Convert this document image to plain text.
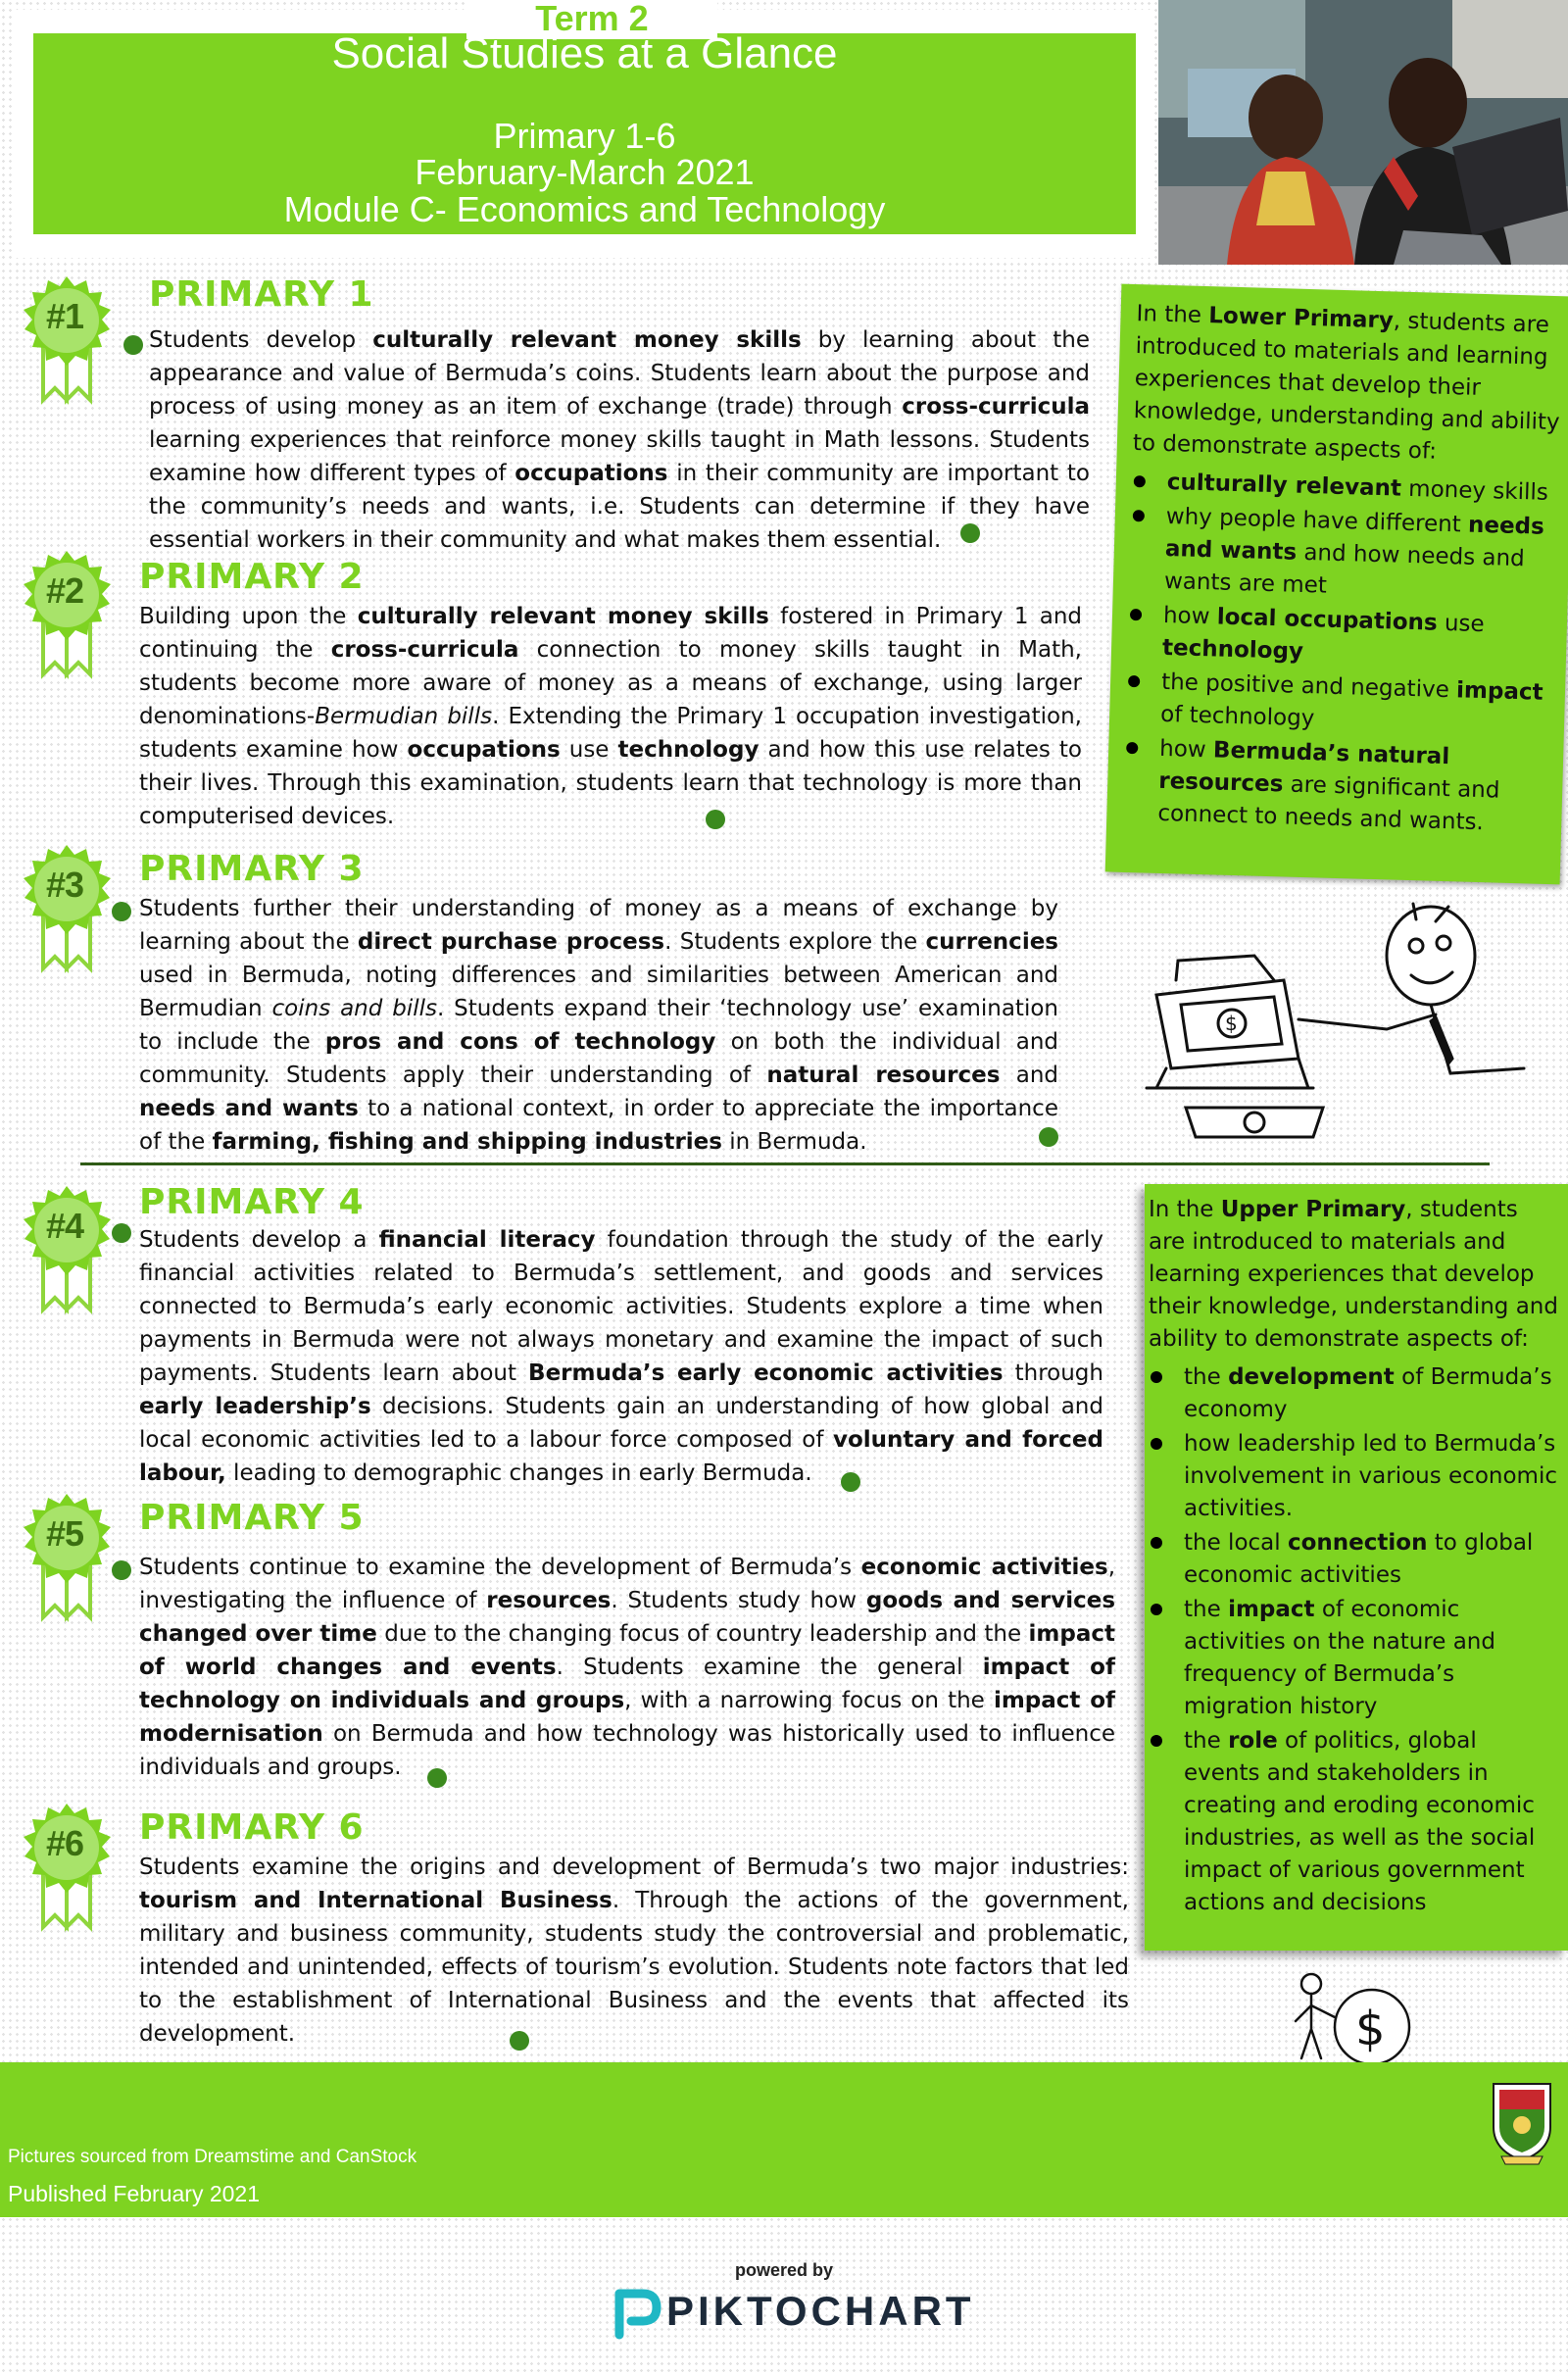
Term 2
Social Studies at a Glance
Primary 1-6
February-March 2021
Module C- Economics and Technology
#1
#2
#3
#4
#5
#6
PRIMARY 1
Students develop culturally relevant money skills by learning about the appearance and value of Bermuda’s coins. Students learn about the purpose and process of using money as an item of exchange (trade) through cross-curricula learning experiences that reinforce money skills taught in Math lessons. Students examine how different types of occupations in their community are important to the community’s needs and wants, i.e. Students can determine if they have essential workers in their community and what makes them essential.
PRIMARY 2
Building upon the culturally relevant money skills fostered in Primary 1 and continuing the cross-curricula connection to money skills taught in Math, students become more aware of money as a means of exchange, using larger denominations-Bermudian bills. Extending the Primary 1 occupation investigation, students examine how occupations use technology and how this use relates to their lives. Through this examination, students learn that technology is more than computerised devices.
PRIMARY 3
Students further their understanding of money as a means of exchange by learning about the direct purchase process. Students explore the currencies used in Bermuda, noting differences and similarities between American and Bermudian coins and bills. Students expand their ‘technology use’ examination to include the pros and cons of technology on both the individual and community. Students apply their understanding of natural resources and needs and wants to a national context, in order to appreciate the importance of the farming, fishing and shipping industries in Bermuda.
PRIMARY 4
Students develop a financial literacy foundation through the study of the early financial activities related to Bermuda’s settlement, and goods and services connected to Bermuda’s early economic activities. Students explore a time when payments in Bermuda were not always monetary and examine the impact of such payments. Students learn about Bermuda’s early economic activities through early leadership’s decisions. Students gain an understanding of how global and local economic activities led to a labour force composed of voluntary and forced labour, leading to demographic changes in early Bermuda.
PRIMARY 5
Students continue to examine the development of Bermuda’s economic activities, investigating the influence of resources. Students study how goods and services changed over time due to the changing focus of country leadership and the impact of world changes and events. Students examine the general impact of technology on individuals and groups, with a narrowing focus on the impact of modernisation on Bermuda and how technology was historically used to influence individuals and groups.
PRIMARY 6
Students examine the origins and development of Bermuda’s two major industries: tourism and International Business. Through the actions of the government, military and business community, students study the controversial and problematic, intended and unintended, effects of tourism’s evolution. Students note factors that led to the establishment of International Business and the events that affected its development.
In the Lower Primary, students are introduced to materials and learning experiences that develop their knowledge, understanding and ability to demonstrate aspects of:
culturally relevant money skills
why people have different needs and wants and how needs and wants are met
how local occupations use technology
the positive and negative impact of technology
how Bermuda’s natural resources are significant and connect to needs and wants.
$
In the Upper Primary, students are introduced to materials and learning experiences that develop their knowledge, understanding and ability to demonstrate aspects of:
the development of Bermuda’s economy
how leadership led to Bermuda’s involvement in various economic activities.
the local connection to global economic activities
the impact of economic activities on the nature and frequency of Bermuda’s migration history
the role of politics, global events and stakeholders in creating and eroding economic industries, as well as the social impact of various government actions and decisions
$
Pictures sourced from Dreamstime and CanStock
Published February 2021
powered by
PIKTOCHART
